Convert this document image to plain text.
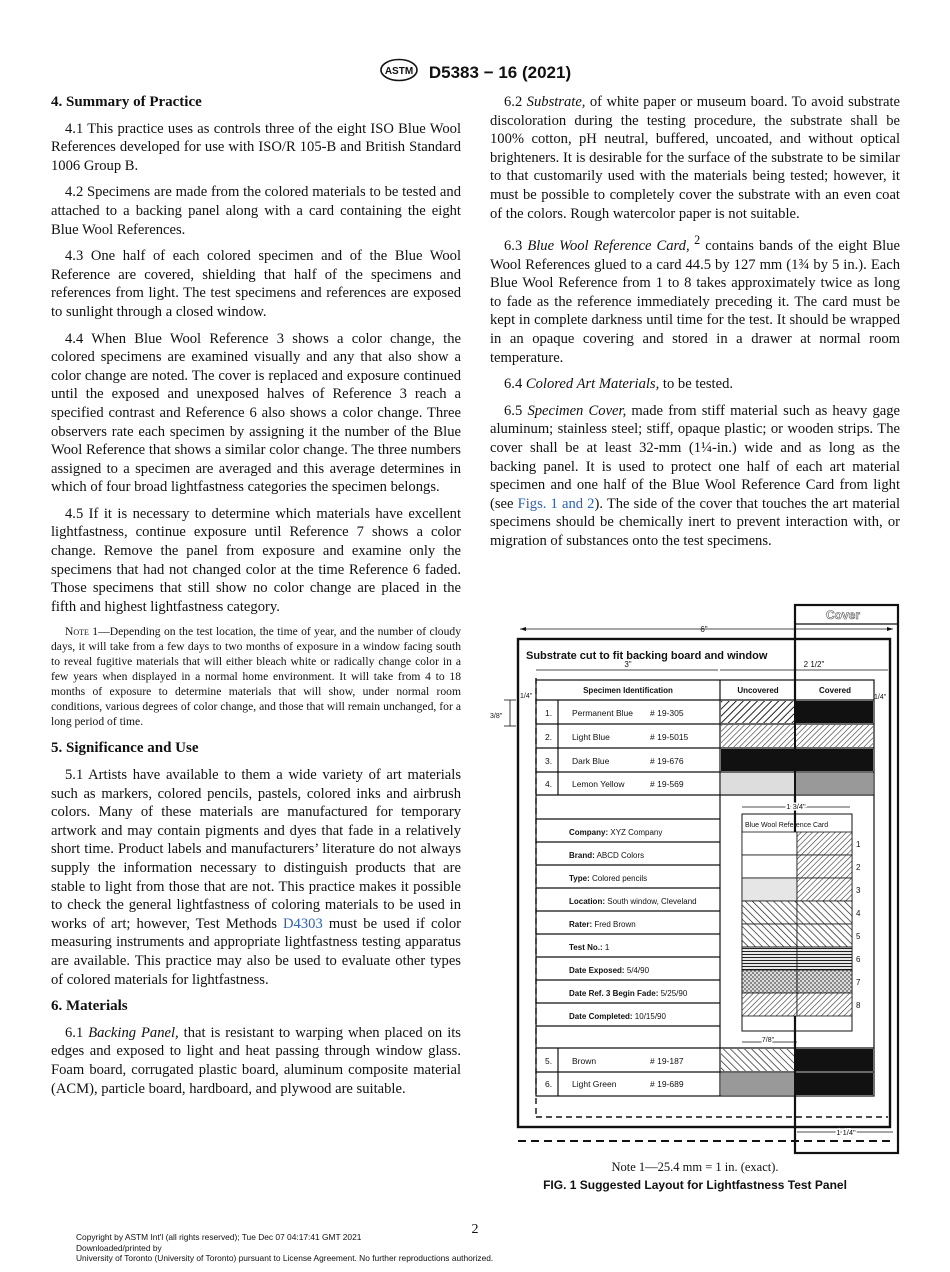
ASTM D5383 − 16 (2021)
4. Summary of Practice

4.1 This practice uses as controls three of the eight ISO Blue Wool References developed for use with ISO/R 105-B and British Standard 1006 Group B.

4.2 Specimens are made from the colored materials to be tested and attached to a backing panel along with a card containing the eight Blue Wool References.

4.3 One half of each colored specimen and of the Blue Wool Reference are covered, shielding that half of the specimens and references from light. The test specimens and references are exposed to sunlight through a closed window.

4.4 When Blue Wool Reference 3 shows a color change, the colored specimens are examined visually and any that also show a color change are noted. The cover is replaced and exposure continued until the exposed and unexposed halves of Reference 3 reach a specified contrast and Reference 6 also shows a color change. Three observers rate each specimen by assigning it the number of the Blue Wool Reference that shows a similar color change. The three numbers assigned to a specimen are averaged and this average determines in which of four broad lightfastness categories the specimen belongs.

4.5 If it is necessary to determine which materials have excellent lightfastness, continue exposure until Reference 7 shows a color change. Remove the panel from exposure and examine only the specimens that had not changed color at the time Reference 6 faded. Those specimens that still show no color change are placed in the fifth and highest lightfastness category.

Note 1—Depending on the test location, the time of year, and the number of cloudy days, it will take from a few days to two months of exposure in a window facing south to reveal fugitive materials that will either bleach white or radically change color in a few years when displayed in a normal home environment. It will take from 4 to 18 months of exposure to determine materials that will show, under normal room conditions, various degrees of color change, and those that will remain unchanged, for a long period of time.
5. Significance and Use

5.1 Artists have available to them a wide variety of art materials such as markers, colored pencils, pastels, colored inks and airbrush colors. Many of these materials are manufactured for temporary artwork and may contain pigments and dyes that fade in a relatively short time. Product labels and manufacturers’ literature do not always supply the information necessary to distinguish products that are stable to light from those that are not. This practice makes it possible to check the general lightfastness of coloring materials to be used in works of art; however, Test Methods D4303 must be used if color measuring instruments and appropriate lightfastness testing apparatus are available. This practice may also be used to evaluate other types of colored materials for lightfastness.

6. Materials

6.1 Backing Panel, that is resistant to warping when placed on its edges and exposed to light and heat passing through window glass. Foam board, corrugated plastic board, aluminum composite material (ACM), particle board, hardboard, and plywood are suitable.

6.2 Substrate, of white paper or museum board. To avoid substrate discoloration during the testing procedure, the substrate shall be 100% cotton, pH neutral, buffered, uncoated, and without optical brighteners. It is desirable for the surface of the substrate to be similar to that customarily used with the materials being tested; however, it must be possible to completely cover the substrate with an even coat of the colors. Rough watercolor paper is not suitable.

6.3 Blue Wool Reference Card, $^2$ contains bands of the eight Blue Wool References glued to a card 44.5 by 127 mm (1¾ by 5 in.). Each Blue Wool Reference from 1 to 8 takes approximately twice as long to fade as the reference immediately preceding it. The card must be kept in complete darkness until time for the test. It should be wrapped in an opaque covering and stored in a drawer at normal room temperature.

6.4 Colored Art Materials, to be tested.

6.5 Specimen Cover, made from stiff material such as heavy gage aluminum; stainless steel; stiff, opaque plastic; or wooden strips. The cover shall be at least 32-mm (1¼-in.) wide and as long as the backing panel. It is used to protect one half of each art material specimen and one half of the Blue Wool Reference Card from light (see Figs. 1 and 2). The side of the cover that touches the art material specimens should be chemically inert to prevent interaction with, or migration of substances onto the test specimens.

Cover
6"
Substrate cut to fit backing board and window
3"	2 1/2"
1/4"	1/4"
3/8"
Specimen Identification	Uncovered	Covered
1. Permanent Blue # 19-305
2. Light Blue	# 19-5015
3. Dark Blue	# 19-676
4. Lemon Yellow	# 19-569
Company: XYZ Company
Brand: ABCD Colors
Type: Colored pencils
Location: South window, Cleveland
Rater: Fred Brown
Test No.: 1
Date Exposed: 5/4/90
Date Ref. 3 Begin Fade: 5/25/90
Date Completed: 10/15/90
1 3/4"
Blue Wool Reference Card
1
2
3
4
5
6
7
8
7/8"
5. Brown	# 19-187
6. Light Green	# 19-689
1 1/4"
Note 1—25.4 mm = 1 in. (exact).
FIG. 1 Suggested Layout for Lightfastness Test Panel
2
Copyright by ASTM Int'l (all rights reserved); Tue Dec 07 04:17:41 GMT 2021
Downloaded/printed by
University of Toronto (University of Toronto) pursuant to License Agreement. No further reproductions authorized.
